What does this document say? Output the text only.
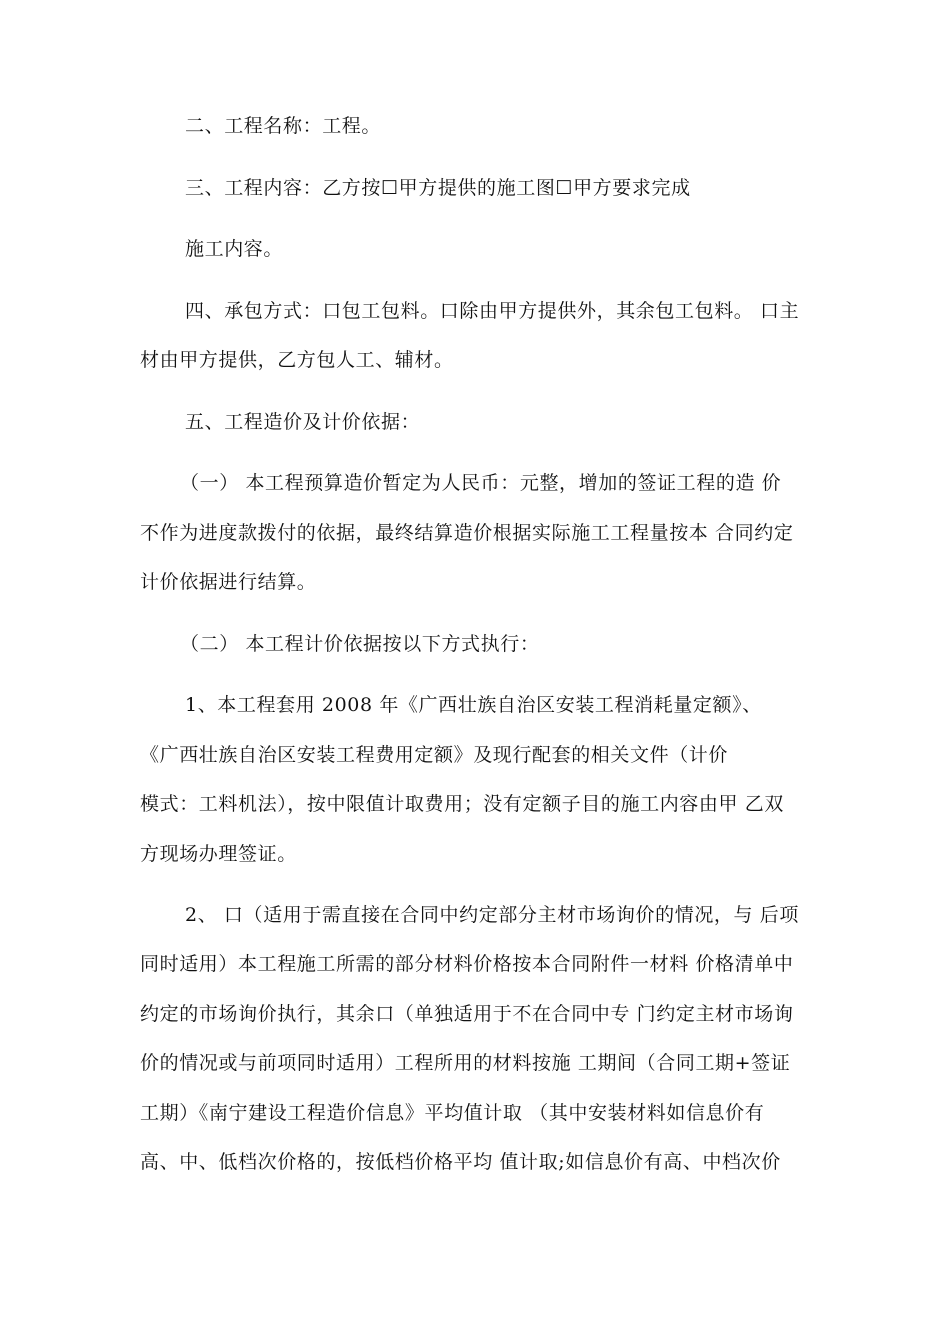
二、工程名称：工程。
三、工程内容：乙方按☐甲方提供的施工图☐甲方要求完成
施工内容。
四、承包方式：口包工包料。口除由甲方提供外，其余包工包料。 口主
材由甲方提供，乙方包人工、辅材。
五、工程造价及计价依据：
（一） 本工程预算造价暂定为人民币：元整，增加的签证工程的造 价
不作为进度款拨付的依据，最终结算造价根据实际施工工程量按本 合同约定
计价依据进行结算。
（二） 本工程计价依据按以下方式执行：
1、本工程套用 2008 年《广西壮族自治区安装工程消耗量定额》、
《广西壮族自治区安装工程费用定额》及现行配套的相关文件（计价
模式：工料机法），按中限值计取费用；没有定额子目的施工内容由甲 乙双
方现场办理签证。
2、 口（适用于需直接在合同中约定部分主材市场询价的情况，与 后项
同时适用）本工程施工所需的部分材料价格按本合同附件一材料 价格清单中
约定的市场询价执行，其余口（单独适用于不在合同中专 门约定主材市场询
价的情况或与前项同时适用）工程所用的材料按施 工期间（合同工期+签证
工期）《南宁建设工程造价信息》平均值计取 （其中安装材料如信息价有
高、中、低档次价格的，按低档价格平均 值计取;如信息价有高、中档次价
